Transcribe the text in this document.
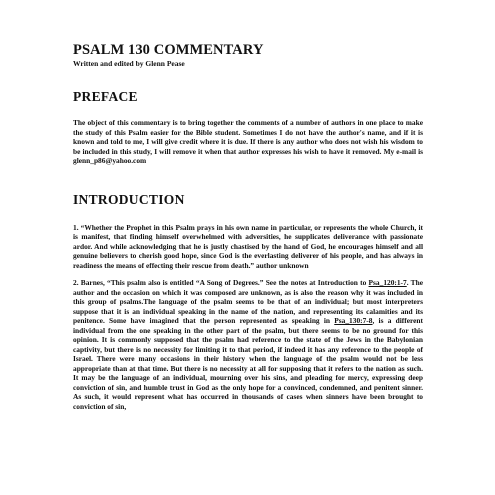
PSALM 130 COMMENTARY
Written and edited by Glenn Pease
PREFACE

The object of this commentary is to bring together the comments of a number of authors in one place to make the study of this Psalm easier for the Bible student. Sometimes I do not have the author's name, and if it is known and told to me, I will give credit where it is due. If there is any author who does not wish his wisdom to be included in this study, I will remove it when that author expresses his wish to have it removed. My e-mail is glenn_p86@yahoo.com

INTRODUCTION

1. “Whether the Prophet in this Psalm prays in his own name in particular, or represents the whole Church, it is manifest, that finding himself overwhelmed with adversities, he supplicates deliverance with passionate ardor. And while acknowledging that he is justly chastised by the hand of God, he encourages himself and all genuine believers to cherish good hope, since God is the everlasting deliverer of his people, and has always in readiness the means of effecting their rescue from death.” author unknown

2. Barnes, “This psalm also is entitled “A Song of Degrees.” See the notes at Introduction to Psa_120:1-7. The author and the occasion on which it was composed are unknown, as is also the reason why it was included in this group of psalms.The language of the psalm seems to be that of an individual; but most interpreters suppose that it is an individual speaking in the name of the nation, and representing its calamities and its penitence. Some have imagined that the person represented as speaking in Psa_130:7-8, is a different individual from the one speaking in the other part of the psalm, but there seems to be no ground for this opinion. It is commonly supposed that the psalm had reference to the state of the Jews in the Babylonian captivity, but there is no necessity for limiting it to that period, if indeed it has any reference to the people of Israel. There were many occasions in their history when the language of the psalm would not be less appropriate than at that time. But there is no necessity at all for supposing that it refers to the nation as such. It may be the language of an individual, mourning over his sins, and pleading for mercy, expressing deep conviction of sin, and humble trust in God as the only hope for a convinced, condemned, and penitent sinner. As such, it would represent what has occurred in thousands of cases when sinners have been brought to conviction of sin,
